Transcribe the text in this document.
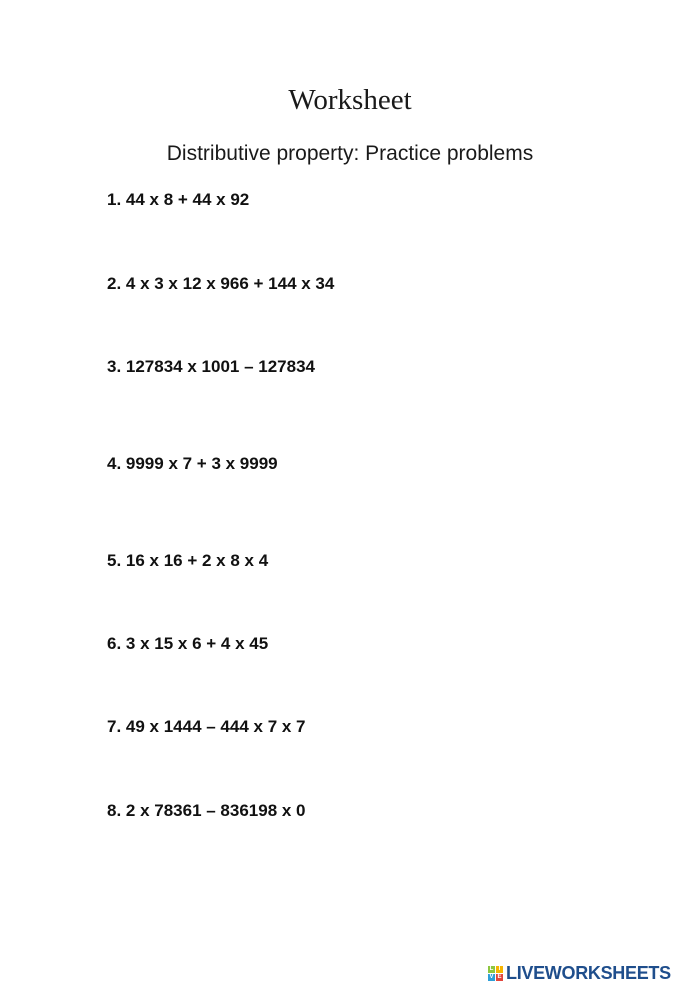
Worksheet
Distributive property: Practice problems
1. 44 x 8 + 44 x 92
2. 4 x 3 x 12 x 966 + 144 x 34
3. 127834 x 1001 – 127834
4. 9999 x 7 + 3 x 9999
5. 16 x 16 + 2 x 8 x 4
6. 3 x 15 x 6 + 4 x 45
7. 49 x 1444 – 444 x 7 x 7
8. 2 x 78361 – 836198 x 0
L I
V E LIVEWORKSHEETS
